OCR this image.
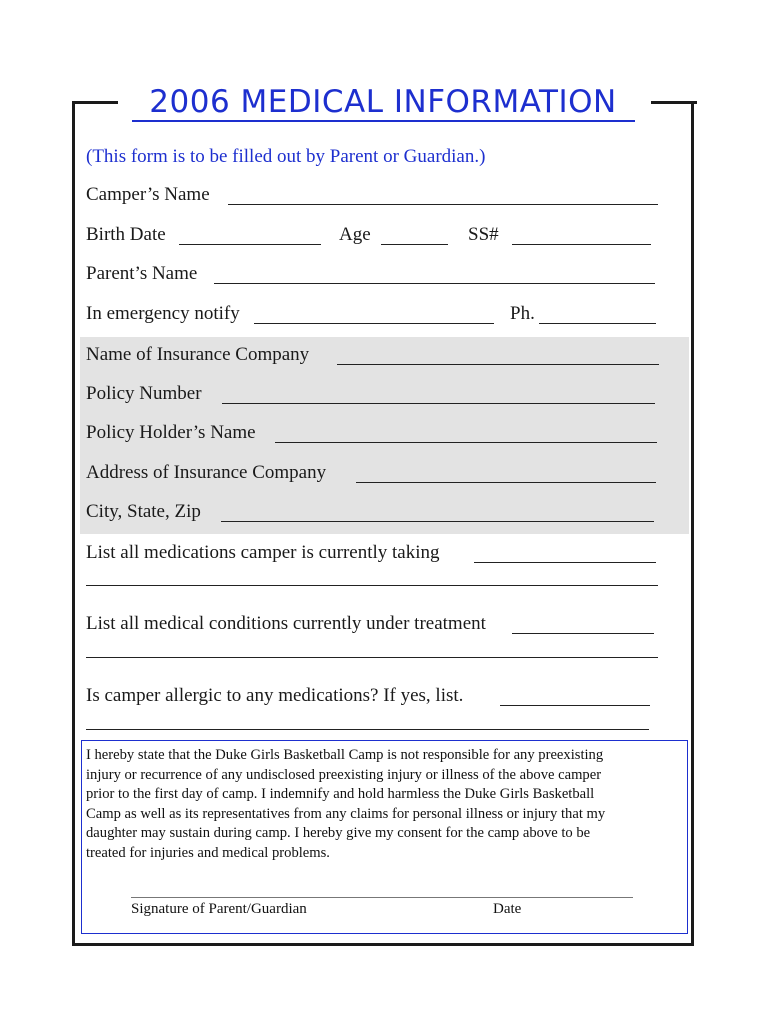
2006 MEDICAL INFORMATION
(This form is to be filled out by Parent or Guardian.)
Camper’s Name
Birth Date	Age	SS#
Parent’s Name
In emergency notify	Ph.
Name of Insurance Company
Policy Number
Policy Holder’s Name
Address of Insurance Company
City, State, Zip
List all medications camper is currently taking
List all medical conditions currently under treatment
Is camper allergic to any medications? If yes, list.
I hereby state that the Duke Girls Basketball Camp is not responsible for any preexisting
injury or recurrence of any undisclosed preexisting injury or illness of the above camper
prior to the first day of camp. I indemnify and hold harmless the Duke Girls Basketball
Camp as well as its representatives from any claims for personal illness or injury that my
daughter may sustain during camp. I hereby give my consent for the camp above to be
treated for injuries and medical problems.
Signature of Parent/Guardian	Date
